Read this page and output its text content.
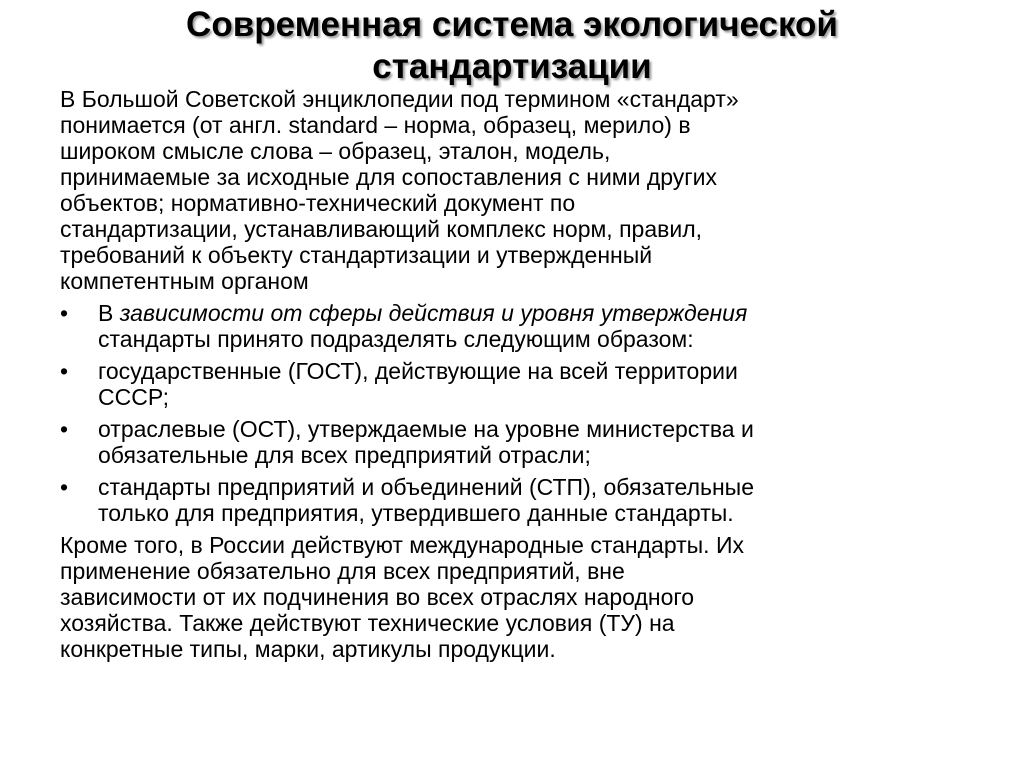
Современная система экологической
стандартизации
В Большой Советской энциклопедии под термином «стандарт»
понимается (от англ. standard – норма, образец, мерило) в
широком смысле слова – образец, эталон, модель,
принимаемые за исходные для сопоставления с ними других
объектов; нормативно-технический документ по
стандартизации, устанавливающий комплекс норм, правил,
требований к объекту стандартизации и утвержденный
компетентным органом
•	В зависимости от сферы действия и уровня утверждения
стандарты принято подразделять следующим образом:
•	государственные (ГОСТ), действующие на всей территории
СССР;
•	отраслевые (ОСТ), утверждаемые на уровне министерства и
обязательные для всех предприятий отрасли;
•	стандарты предприятий и объединений (СТП), обязательные
только для предприятия, утвердившего данные стандарты.
Кроме того, в России действуют международные стандарты. Их
применение обязательно для всех предприятий, вне
зависимости от их подчинения во всех отраслях народного
хозяйства. Также действуют технические условия (ТУ) на
конкретные типы, марки, артикулы продукции.
